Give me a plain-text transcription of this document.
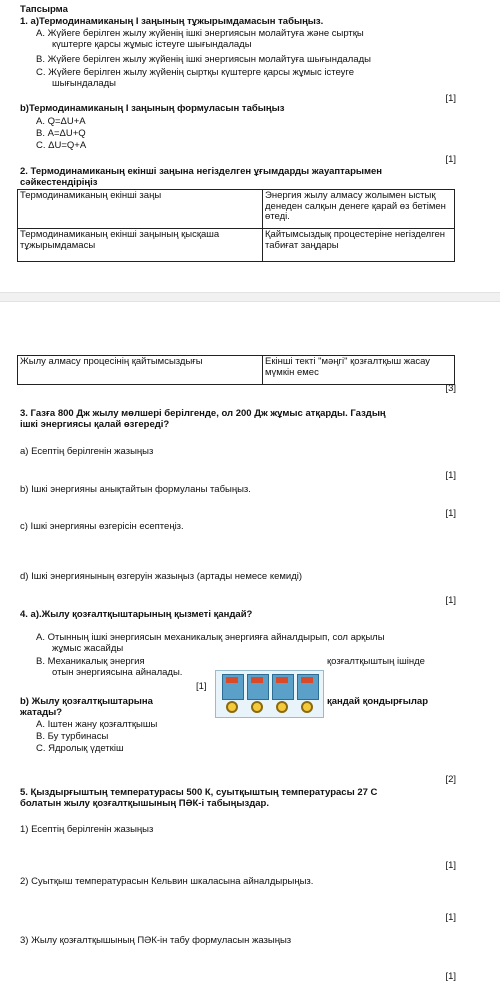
Тапсырма
1. а)Термодинамиканың І заңының тұжырымдамасын табыңыз.
А. Жүйеге берілген жылу жүйенің ішкі энергиясын молайтуға және сыртқы
күштерге қарсы жұмыс істеуге шығындалады
В. Жүйеге берілген жылу жүйенің ішкі энергиясын молайтуға шығындалады
С. Жүйеге берілген жылу жүйенің сыртқы күштерге қарсы жұмыс істеуге
шығындалады
[1]
b)Термодинамиканың І заңының формуласын табыңыз
А. Q=ΔU+A
В. A=ΔU+Q
С. ΔU=Q+A
[1]
2. Термодинамиканың екінші заңына негізделген ұғымдарды жауаптарымен
сәйкестендіріңіз
Термодинамиканың екінші заңы	Энергия жылу алмасу жолымен ыстық денеден салқын денеге қарай өз бетімен өтеді.
Термодинамиканың екінші заңының қысқаша тұжырымдамасы	Қайтымсыздық процестеріне негізделген табиғат заңдары
Жылу алмасу процесінің қайтымсыздығы	Екінші текті "мәңгі" қозғалтқыш жасау мүмкін емес
[3]
3. Газға 800 Дж жылу мөлшері берілгенде, ол 200 Дж жұмыс атқарды. Газдың
ішкі энергиясы қалай өзгереді?
а) Есептің берілгенін жазыңыз
[1]
b) Ішкі энергияны анықтайтын формуланы табыңыз.
[1]
с) Ішкі энергияны өзгерісін есептеңіз.
d) Ішкі энергиянының өзгеруін жазыңыз (артады немесе кемиді)
[1]
4. а).Жылу қозғалтқыштарының қызметі қандай?
А. Отынның ішкі энергиясын механикалық энергияға айналдырып, сол арқылы
жұмыс жасайды
В. Механикалық энергия	қозғалтқыштың ішінде
отын энергиясына айналады.
[1]
b) Жылу қозғалтқыштарына	қандай қондырғылар
жатады?
А. Іштен жану қозғалтқышы
В. Бу турбинасы
С. Ядролық үдеткіш
[2]
5. Қыздырғыштың температурасы 500 К, суытқыштың температурасы 27 С
болатын жылу қозғалтқышының ПӘК-і табыңыздар.
1) Есептің берілгенін жазыңыз
[1]
2) Суытқыш температурасын Кельвин шкаласына айналдырыңыз.
[1]
3) Жылу қозғалтқышының ПӘК-ін табу формуласын жазыңыз
[1]
